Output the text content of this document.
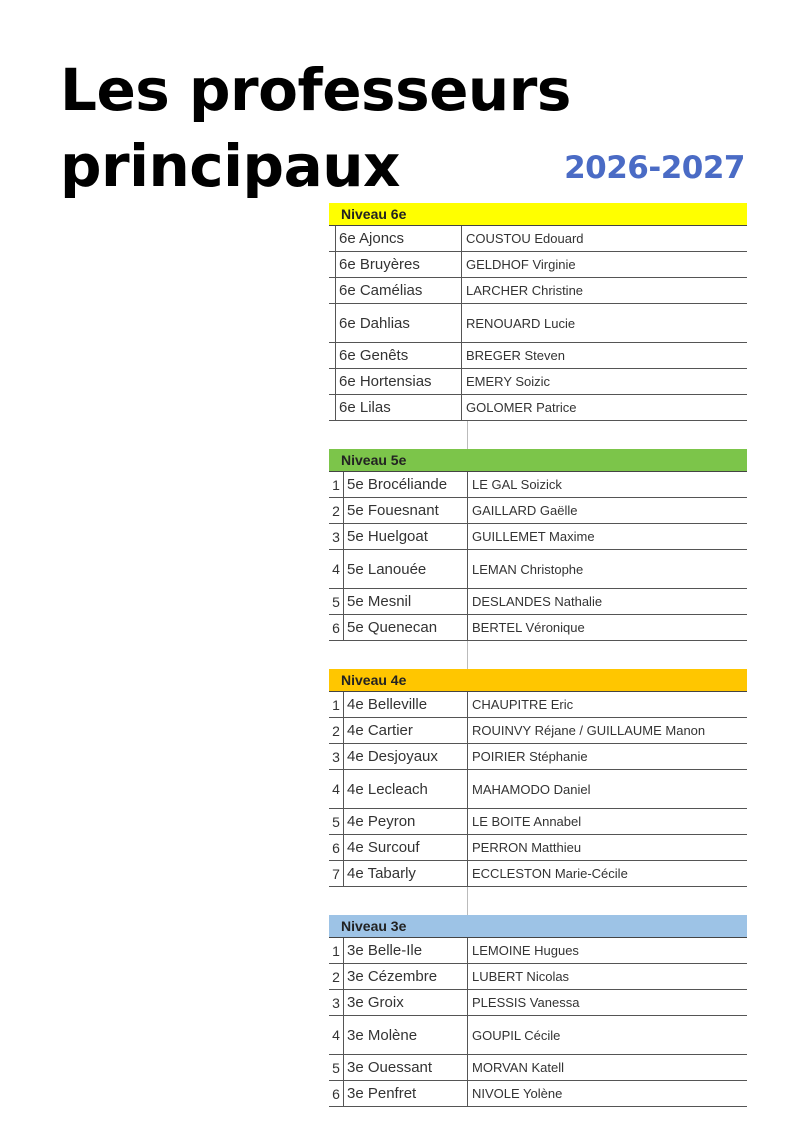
Les professeurs principaux	2026-2027
Niveau 6e
6e Ajoncs	COUSTOU Edouard
6e Bruyères	GELDHOF Virginie
6e Camélias	LARCHER Christine
6e Dahlias	RENOUARD Lucie
6e Genêts	BREGER Steven
6e Hortensias	EMERY Soizic
6e Lilas	GOLOMER Patrice
Niveau 5e
1 5e Brocéliande	LE GAL Soizick
2 5e Fouesnant	GAILLARD Gaëlle
3 5e Huelgoat	GUILLEMET Maxime
4 5e Lanouée	LEMAN Christophe
5 5e Mesnil	DESLANDES Nathalie
6 5e Quenecan	BERTEL Véronique
Niveau 4e
1 4e Belleville	CHAUPITRE Eric
2 4e Cartier	ROUINVY Réjane / GUILLAUME Manon
3 4e Desjoyaux	POIRIER Stéphanie
4 4e Lecleach	MAHAMODO Daniel
5 4e Peyron	LE BOITE Annabel
6 4e Surcouf	PERRON Matthieu
7 4e Tabarly	ECCLESTON Marie-Cécile
Niveau 3e
1 3e Belle-Ile	LEMOINE Hugues
2 3e Cézembre	LUBERT Nicolas
3 3e Groix	PLESSIS Vanessa
4 3e Molène	GOUPIL Cécile
5 3e Ouessant	MORVAN Katell
6 3e Penfret	NIVOLE Yolène
